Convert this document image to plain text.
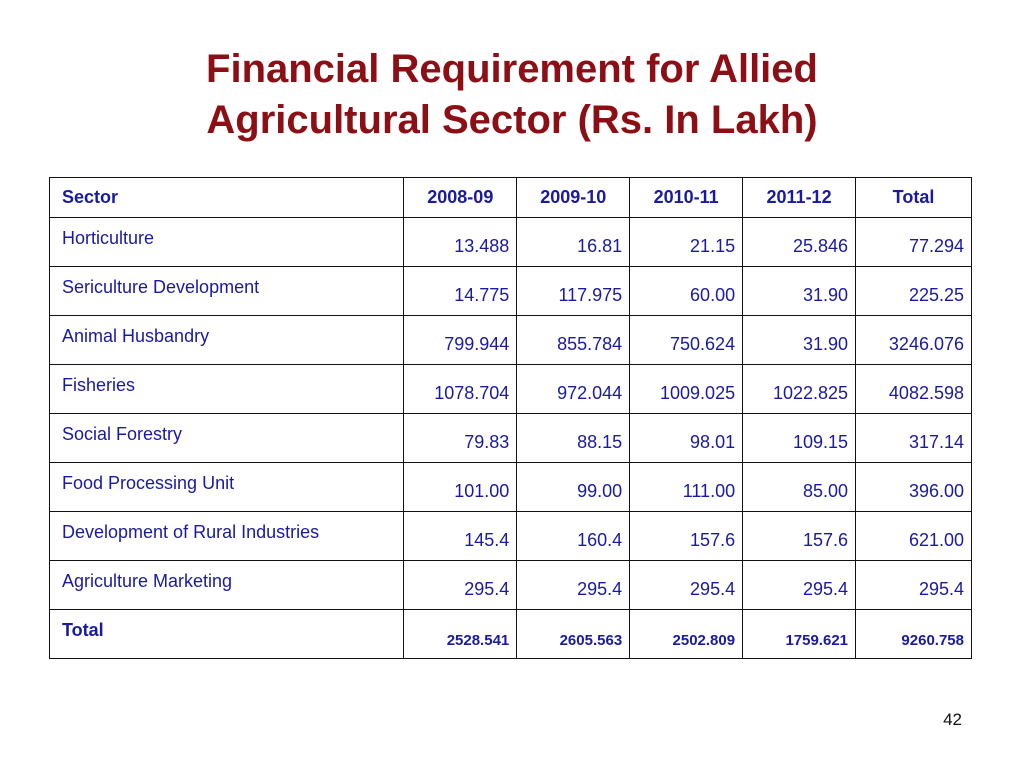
Financial Requirement for Allied
Agricultural Sector (Rs. In Lakh)
Sector	2008-09	2009-10	2010-11	2011-12	Total
Horticulture	13.488	16.81	21.15	25.846	77.294
Sericulture Development	14.775	117.975	60.00	31.90	225.25
Animal Husbandry	799.944	855.784	750.624	31.90	3246.076
Fisheries	1078.704	972.044	1009.025	1022.825	4082.598
Social Forestry	79.83	88.15	98.01	109.15	317.14
Food Processing Unit	101.00	99.00	111.00	85.00	396.00
Development of Rural Industries	145.4	160.4	157.6	157.6	621.00
Agriculture Marketing	295.4	295.4	295.4	295.4	295.4
Total	2528.541	2605.563	2502.809	1759.621	9260.758
42
